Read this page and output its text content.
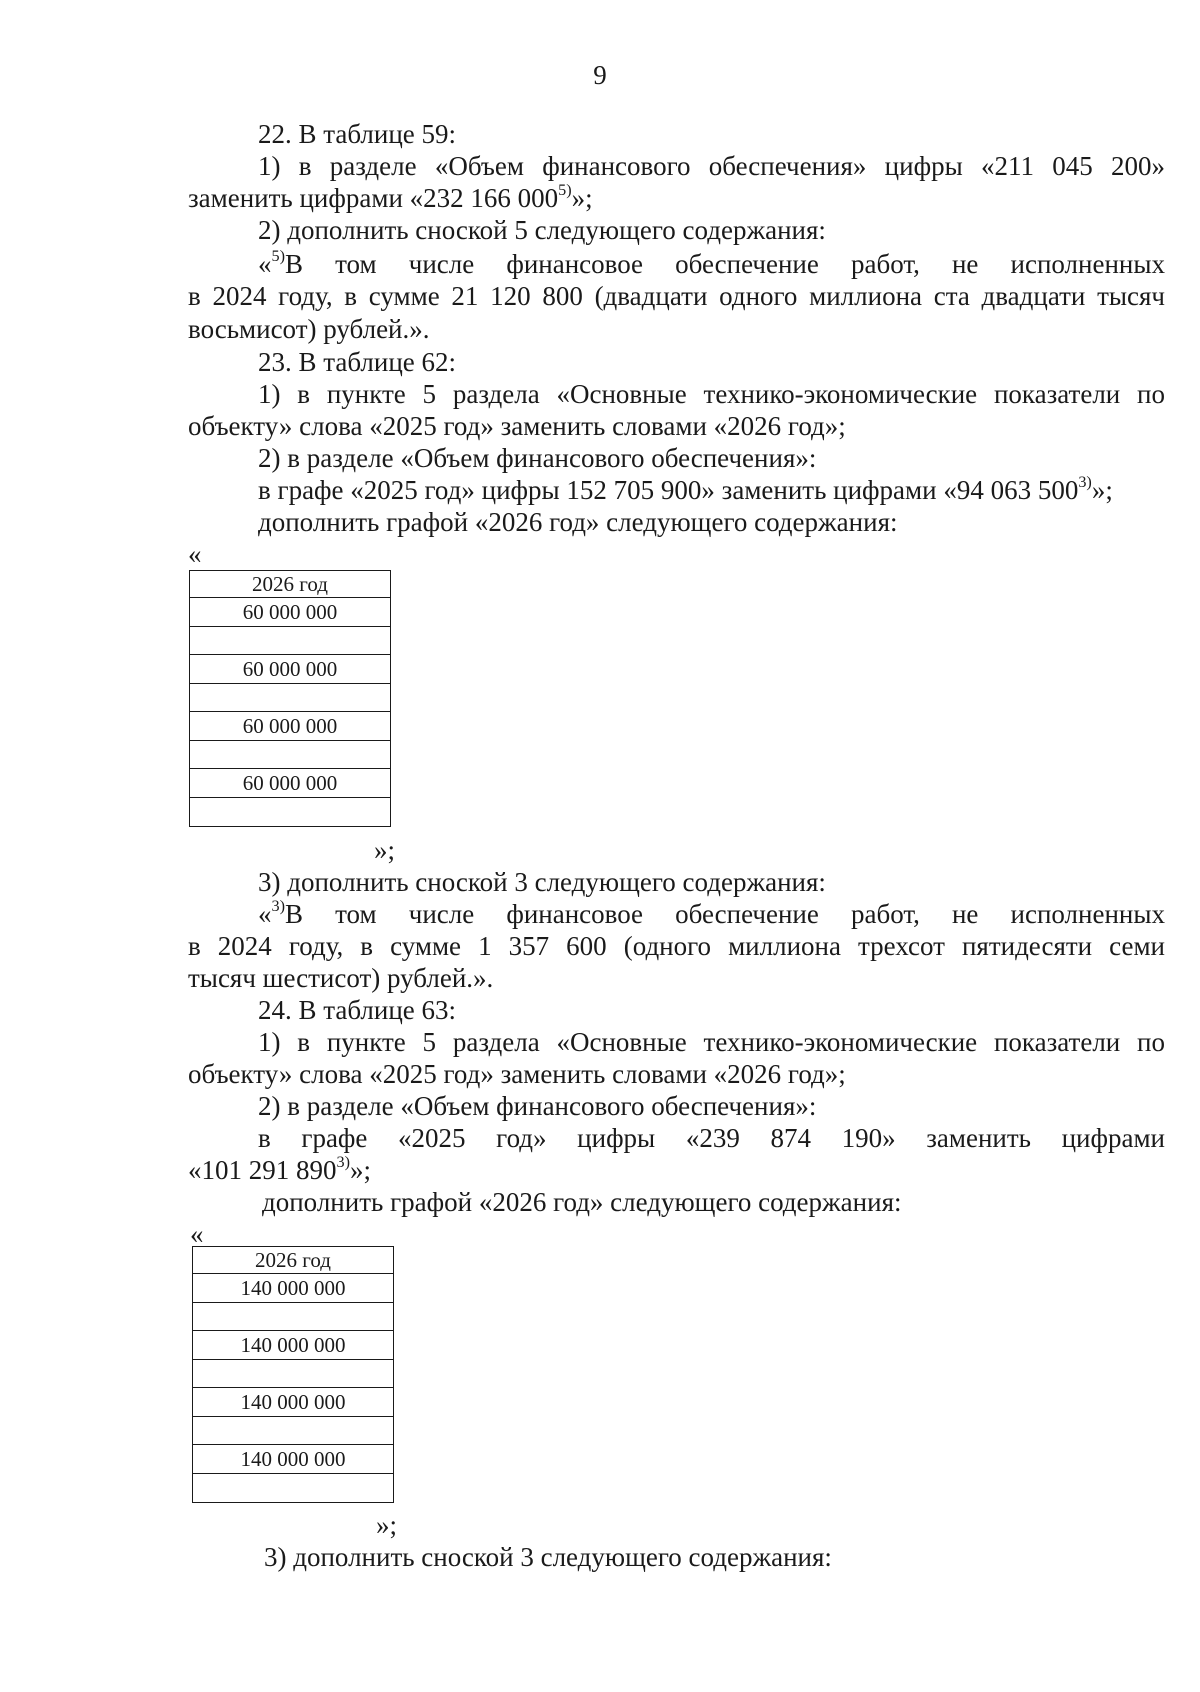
9
22. В таблице 59:
1) в разделе «Объем финансового обеспечения» цифры «211 045 200»
заменить цифрами «232 166 000$^{5)}$»;
2) дополнить сноской 5 следующего содержания:
«$^{5)}$В том числе финансовое обеспечение работ, не исполненных
в 2024 году, в сумме 21 120 800 (двадцати одного миллиона ста двадцати тысяч
восьмисот) рублей.».
23. В таблице 62:
1) в пункте 5 раздела «Основные технико-экономические показатели по
объекту» слова «2025 год» заменить словами «2026 год»;
2) в разделе «Объем финансового обеспечения»:
в графе «2025 год» цифры 152 705 900» заменить цифрами «94 063 500$^{3)}$»;
дополнить графой «2026 год» следующего содержания:
«
2026 год
60 000 000

60 000 000

60 000 000

60 000 000

»;
3) дополнить сноской 3 следующего содержания:
«$^{3)}$В том числе финансовое обеспечение работ, не исполненных
в 2024 году, в сумме 1 357 600 (одного миллиона трехсот пятидесяти семи
тысяч шестисот) рублей.».
24. В таблице 63:
1) в пункте 5 раздела «Основные технико-экономические показатели по
объекту» слова «2025 год» заменить словами «2026 год»;
2) в разделе «Объем финансового обеспечения»:
в графе «2025 год» цифры «239 874 190» заменить цифрами
«101 291 890$^{3)}$»;
дополнить графой «2026 год» следующего содержания:
«
2026 год
140 000 000

140 000 000

140 000 000

140 000 000

»;
3) дополнить сноской 3 следующего содержания:
